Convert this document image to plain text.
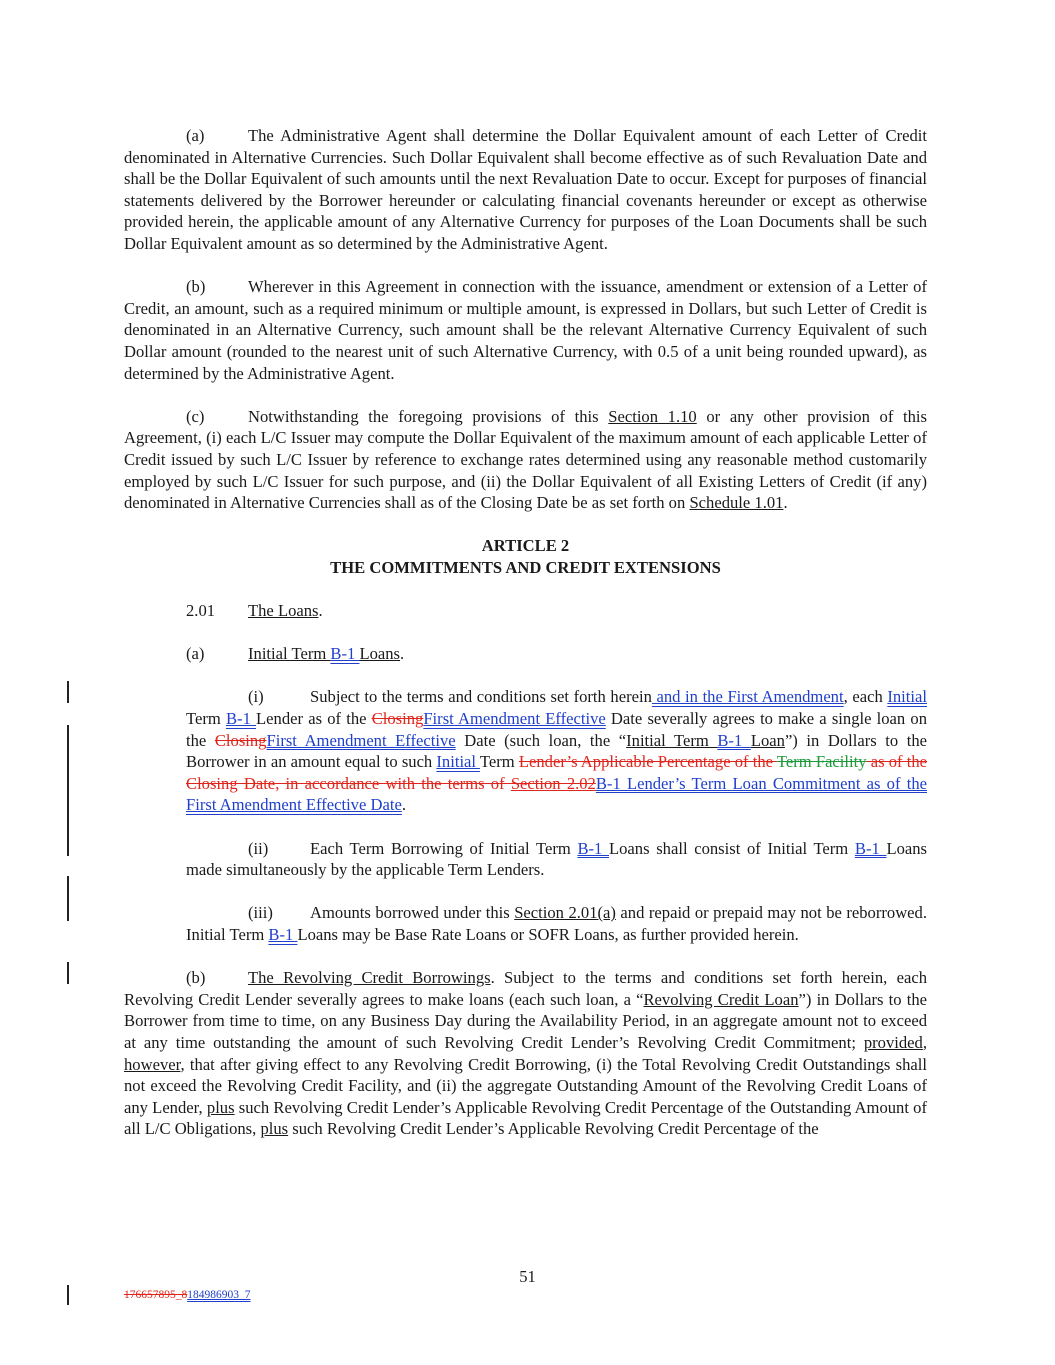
(a)	The Administrative Agent shall determine the Dollar Equivalent amount of each Letter of Credit denominated in Alternative Currencies. Such Dollar Equivalent shall become effective as of such Revaluation Date and shall be the Dollar Equivalent of such amounts until the next Revaluation Date to occur. Except for purposes of financial statements delivered by the Borrower hereunder or calculating financial covenants hereunder or except as otherwise provided herein, the applicable amount of any Alternative Currency for purposes of the Loan Documents shall be such Dollar Equivalent amount as so determined by the Administrative Agent.

(b)	Wherever in this Agreement in connection with the issuance, amendment or extension of a Letter of Credit, an amount, such as a required minimum or multiple amount, is expressed in Dollars, but such Letter of Credit is denominated in an Alternative Currency, such amount shall be the relevant Alternative Currency Equivalent of such Dollar amount (rounded to the nearest unit of such Alternative Currency, with 0.5 of a unit being rounded upward), as determined by the Administrative Agent.

(c)	Notwithstanding the foregoing provisions of this Section 1.10 or any other provision of this Agreement, (i) each L/C Issuer may compute the Dollar Equivalent of the maximum amount of each applicable Letter of Credit issued by such L/C Issuer by reference to exchange rates determined using any reasonable method customarily employed by such L/C Issuer for such purpose, and (ii) the Dollar Equivalent of all Existing Letters of Credit (if any) denominated in Alternative Currencies shall as of the Closing Date be as set forth on Schedule 1.01.

ARTICLE 2
THE COMMITMENTS AND CREDIT EXTENSIONS

2.01 The Loans.

(a)	Initial Term B-1 Loans.

(i)	Subject to the terms and conditions set forth herein and in the First Amendment, each Initial Term B-1 Lender as of the ClosingFirst Amendment Effective Date severally agrees to make a single loan on the ClosingFirst Amendment Effective Date (such loan, the “Initial Term B-1 Loan”) in Dollars to the Borrower in an amount equal to such Initial Term Lender’s Applicable Percentage of the Term Facility as of the Closing Date, in accordance with the terms of Section 2.02B-1 Lender’s Term Loan Commitment as of the First Amendment Effective Date.

(ii)	Each Term Borrowing of Initial Term B-1 Loans shall consist of Initial Term B-1 Loans made simultaneously by the applicable Term Lenders.

(iii) Amounts borrowed under this Section 2.01(a) and repaid or prepaid may not be reborrowed. Initial Term B-1 Loans may be Base Rate Loans or SOFR Loans, as further provided herein.

(b)	The Revolving Credit Borrowings. Subject to the terms and conditions set forth herein, each Revolving Credit Lender severally agrees to make loans (each such loan, a “Revolving Credit Loan”) in Dollars to the Borrower from time to time, on any Business Day during the Availability Period, in an aggregate amount not to exceed at any time outstanding the amount of such Revolving Credit Lender’s Revolving Credit Commitment; provided, however, that after giving effect to any Revolving Credit Borrowing, (i) the Total Revolving Credit Outstandings shall not exceed the Revolving Credit Facility, and (ii) the aggregate Outstanding Amount of the Revolving Credit Loans of any Lender, plus such Revolving Credit Lender’s Applicable Revolving Credit Percentage of the Outstanding Amount of all L/C Obligations, plus such Revolving Credit Lender’s Applicable Revolving Credit Percentage of the

51
176657895_8184986903_7
